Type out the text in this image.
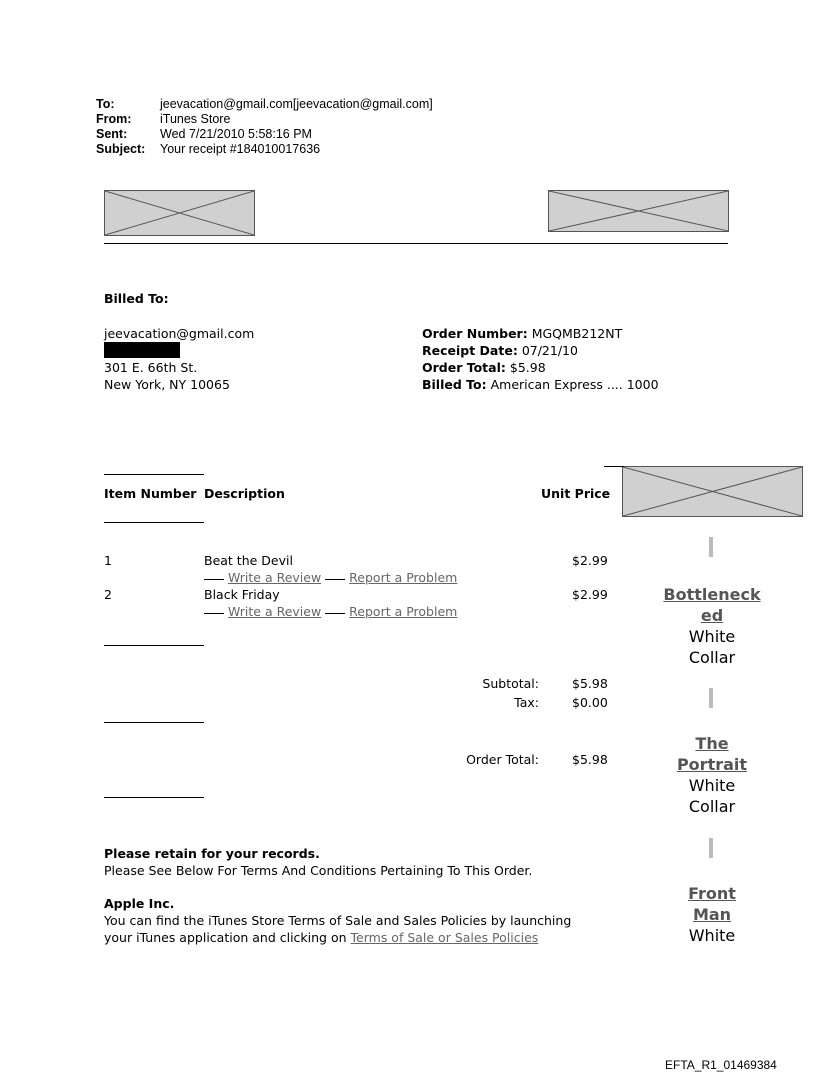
To:	jeevacation@gmail.com[jeevacation@gmail.com]
From: iTunes Store
Sent:	Wed 7/21/2010 5:58:16 PM
Subject: Your receipt #184010017636
Billed To:
jeevacation@gmail.com
301 E. 66th St.
New York, NY 10065
Order Number: MGQMB212NT
Receipt Date: 07/21/10
Order Total: $5.98
Billed To: American Express .... 1000
Item Number Description	Unit Price
1	Beat the Devil	$2.99
Write a Review Report a Problem
2	Black Friday	$2.99
Write a Review Report a Problem
Subtotal:	$5.98
Tax:	$0.00
Order Total:	$5.98
Please retain for your records.
Please See Below For Terms And Conditions Pertaining To This Order.
Apple Inc.
You can find the iTunes Store Terms of Sale and Sales Policies by launching
your iTunes application and clicking on Terms of Sale or Sales Policies
Bottleneck
ed
White
Collar
The
Portrait
White
Collar
Front
Man
White
EFTA_R1_01469384
